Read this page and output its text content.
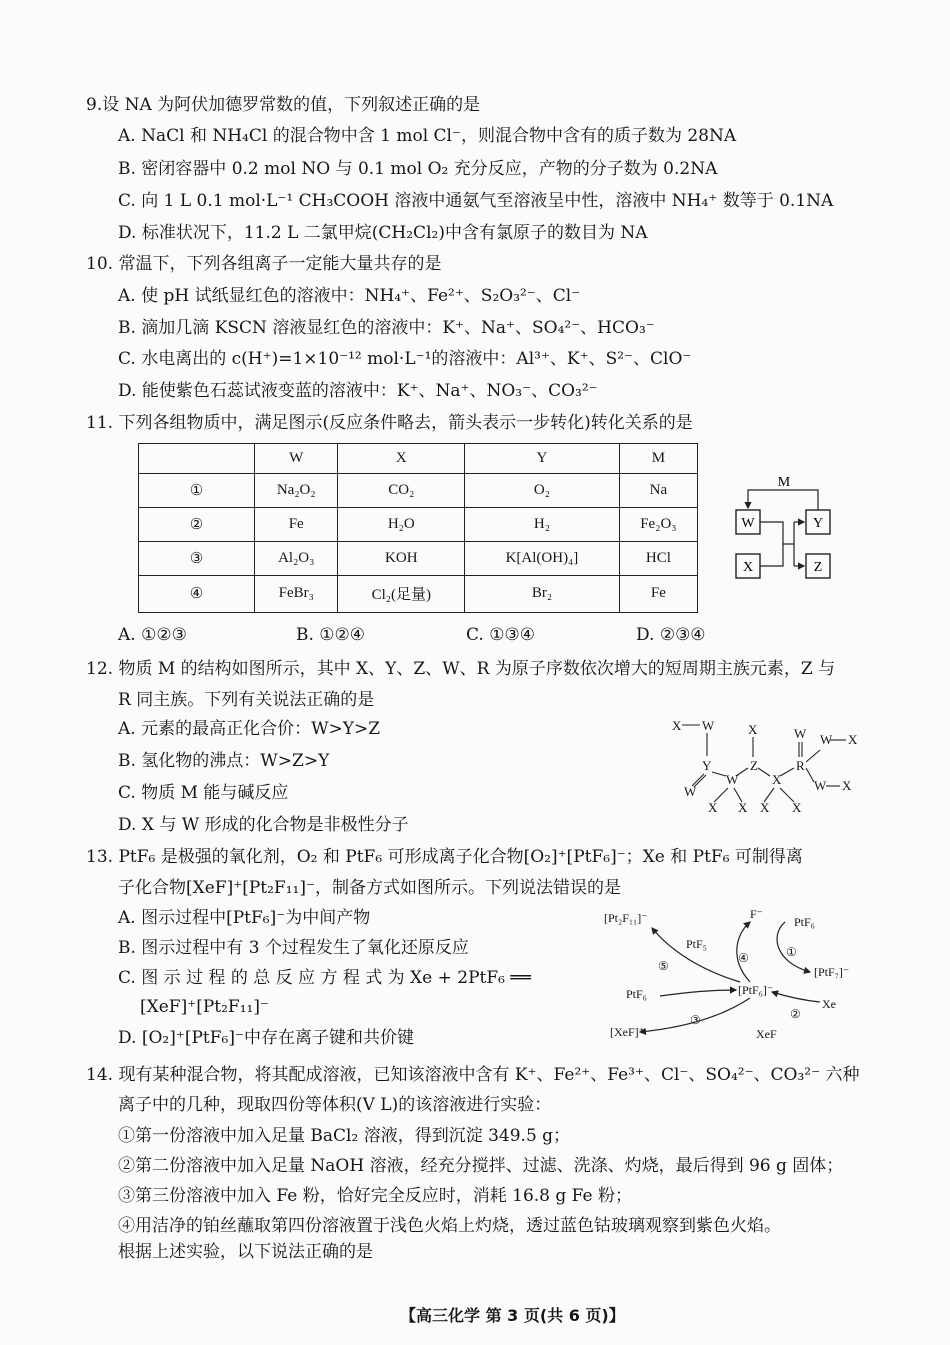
9.设 NA 为阿伏加德罗常数的值，下列叙述正确的是
A. NaCl 和 NH₄Cl 的混合物中含 1 mol Cl⁻，则混合物中含有的质子数为 28NA
B. 密闭容器中 0.2 mol NO 与 0.1 mol O₂ 充分反应，产物的分子数为 0.2NA
C. 向 1 L 0.1 mol·L⁻¹ CH₃COOH 溶液中通氨气至溶液呈中性，溶液中 NH₄⁺ 数等于 0.1NA
D. 标准状况下，11.2 L 二氯甲烷(CH₂Cl₂)中含有氯原子的数目为 NA
10. 常温下，下列各组离子一定能大量共存的是
A. 使 pH 试纸显红色的溶液中：NH₄⁺、Fe²⁺、S₂O₃²⁻、Cl⁻
B. 滴加几滴 KSCN 溶液显红色的溶液中：K⁺、Na⁺、SO₄²⁻、HCO₃⁻
C. 水电离出的 c(H⁺)=1×10⁻¹² mol·L⁻¹的溶液中：Al³⁺、K⁺、S²⁻、ClO⁻
D. 能使紫色石蕊试液变蓝的溶液中：K⁺、Na⁺、NO₃⁻、CO₃²⁻
11. 下列各组物质中，满足图示(反应条件略去，箭头表示一步转化)转化关系的是
	W	X	Y	M
①	Na₂O₂	CO₂	O₂	Na
②	Fe	H₂O	H₂	Fe₂O₃
③	Al₂O₃	KOH	K[Al(OH)₄]	HCl
④	FeBr₃	Cl₂(足量)	Br₂	Fe
M
W	Y
X	Z
A. ①②③	B. ①②④	C. ①③④	D. ②③④
12. 物质 M 的结构如图所示，其中 X、Y、Z、W、R 为原子序数依次增大的短周期主族元素，Z 与
R 同主族。下列有关说法正确的是
A. 元素的最高正化合价：W>Y>Z
B. 氢化物的沸点：W>Z>Y
C. 物质 M 能与碱反应
D. X 与 W 形成的化合物是非极性分子
X W
Y	Z	R
W
W
X
W X
W X
X X X X
W	X
13. PtF₆ 是极强的氧化剂，O₂ 和 PtF₆ 可形成离子化合物[O₂]⁺[PtF₆]⁻；Xe 和 PtF₆ 可制得离
子化合物[XeF]⁺[Pt₂F₁₁]⁻，制备方式如图所示。下列说法错误的是
A. 图示过程中[PtF₆]⁻为中间产物
B. 图示过程中有 3 个过程发生了氧化还原反应
C. 图 示 过 程 的 总 反 应 方 程 式 为 Xe + 2PtF₆ ══
[XeF]⁺[Pt₂F₁₁]⁻
D. [O₂]⁺[PtF₆]⁻中存在离子键和共价键
[Pt₂F₁₁]⁻	F⁻
PtF₆
PtF₅
⑤
④	①
[PtF₇]⁻
PtF₆	[PtF₆]⁻
Xe
②
[XeF]⁺
③
XeF
14. 现有某种混合物，将其配成溶液，已知该溶液中含有 K⁺、Fe²⁺、Fe³⁺、Cl⁻、SO₄²⁻、CO₃²⁻ 六种
离子中的几种，现取四份等体积(V L)的该溶液进行实验：
①第一份溶液中加入足量 BaCl₂ 溶液，得到沉淀 349.5 g；
②第二份溶液中加入足量 NaOH 溶液，经充分搅拌、过滤、洗涤、灼烧，最后得到 96 g 固体；
③第三份溶液中加入 Fe 粉，恰好完全反应时，消耗 16.8 g Fe 粉；
④用洁净的铂丝蘸取第四份溶液置于浅色火焰上灼烧，透过蓝色钴玻璃观察到紫色火焰。
根据上述实验，以下说法正确的是
【高三化学 第 3 页(共 6 页)】
